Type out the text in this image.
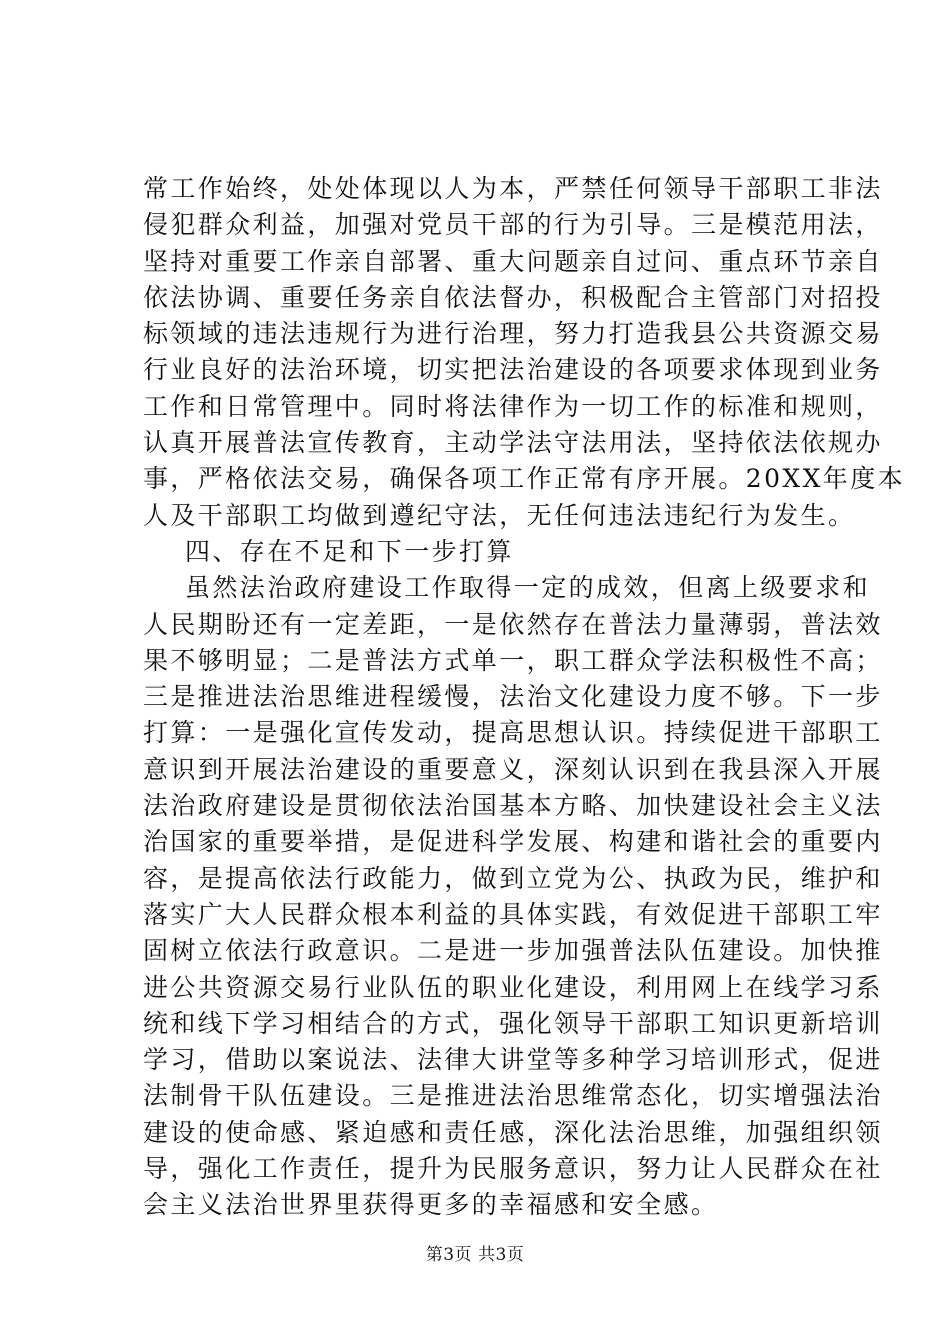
常工作始终，处处体现以人为本，严禁任何领导干部职工非法
侵犯群众利益，加强对党员干部的行为引导。三是模范用法，
坚持对重要工作亲自部署、重大问题亲自过问、重点环节亲自
依法协调、重要任务亲自依法督办，积极配合主管部门对招投
标领域的违法违规行为进行治理，努力打造我县公共资源交易
行业良好的法治环境，切实把法治建设的各项要求体现到业务
工作和日常管理中。同时将法律作为一切工作的标准和规则，
认真开展普法宣传教育，主动学法守法用法，坚持依法依规办
事，严格依法交易，确保各项工作正常有序开展。20XX年度本
人及干部职工均做到遵纪守法，无任何违法违纪行为发生。
四、存在不足和下一步打算
虽然法治政府建设工作取得一定的成效，但离上级要求和
人民期盼还有一定差距，一是依然存在普法力量薄弱，普法效
果不够明显；二是普法方式单一，职工群众学法积极性不高；
三是推进法治思维进程缓慢，法治文化建设力度不够。下一步
打算：一是强化宣传发动，提高思想认识。持续促进干部职工
意识到开展法治建设的重要意义，深刻认识到在我县深入开展
法治政府建设是贯彻依法治国基本方略、加快建设社会主义法
治国家的重要举措，是促进科学发展、构建和谐社会的重要内
容，是提高依法行政能力，做到立党为公、执政为民，维护和
落实广大人民群众根本利益的具体实践，有效促进干部职工牢
固树立依法行政意识。二是进一步加强普法队伍建设。加快推
进公共资源交易行业队伍的职业化建设，利用网上在线学习系
统和线下学习相结合的方式，强化领导干部职工知识更新培训
学习，借助以案说法、法律大讲堂等多种学习培训形式，促进
法制骨干队伍建设。三是推进法治思维常态化，切实增强法治
建设的使命感、紧迫感和责任感，深化法治思维，加强组织领
导，强化工作责任，提升为民服务意识，努力让人民群众在社
会主义法治世界里获得更多的幸福感和安全感。
第3页 共3页
